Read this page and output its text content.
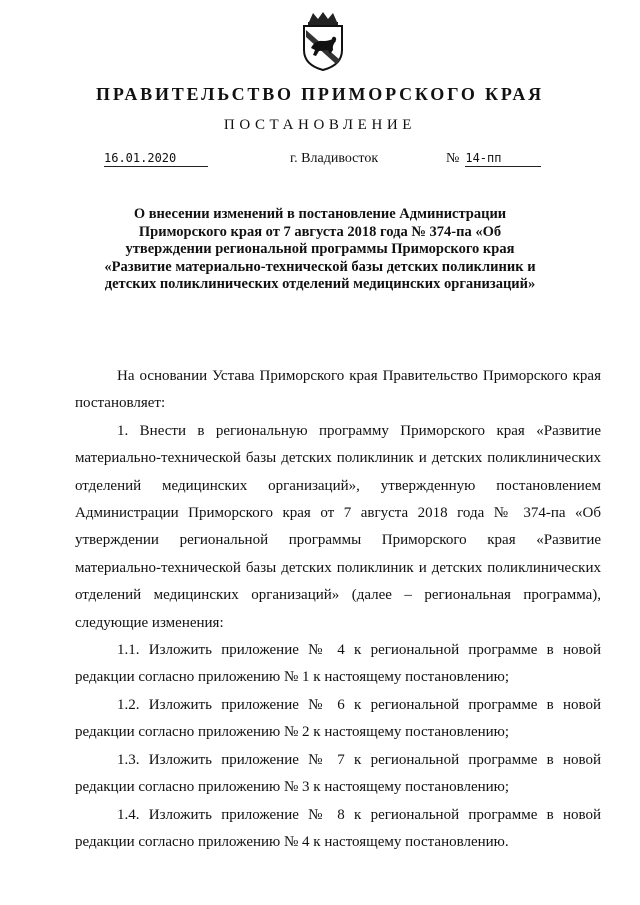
ПРАВИТЕЛЬСТВО ПРИМОРСКОГО КРАЯ
ПОСТАНОВЛЕНИЕ
16.01.2020	г. Владивосток	№ 14-пп

О внесении изменений в постановление Администрации Приморского края от 7 августа 2018 года № 374-па «Об утверждении региональной программы Приморского края «Развитие материально-технической базы детских поликлиник и детских поликлинических отделений медицинских организаций»

На основании Устава Приморского края Правительство Приморского края постановляет:

1. Внести в региональную программу Приморского края «Развитие материально-технической базы детских поликлиник и детских поликлинических отделений медицинских организаций», утвержденную постановлением Администрации Приморского края от 7 августа 2018 года № 374-па «Об утверждении региональной программы Приморского края «Развитие материально-технической базы детских поликлиник и детских поликлинических отделений медицинских организаций» (далее – региональная программа), следующие изменения:

1.1. Изложить приложение № 4 к региональной программе в новой редакции согласно приложению № 1 к настоящему постановлению;

1.2. Изложить приложение № 6 к региональной программе в новой редакции согласно приложению № 2 к настоящему постановлению;

1.3. Изложить приложение № 7 к региональной программе в новой редакции согласно приложению № 3 к настоящему постановлению;

1.4. Изложить приложение № 8 к региональной программе в новой редакции согласно приложению № 4 к настоящему постановлению.
